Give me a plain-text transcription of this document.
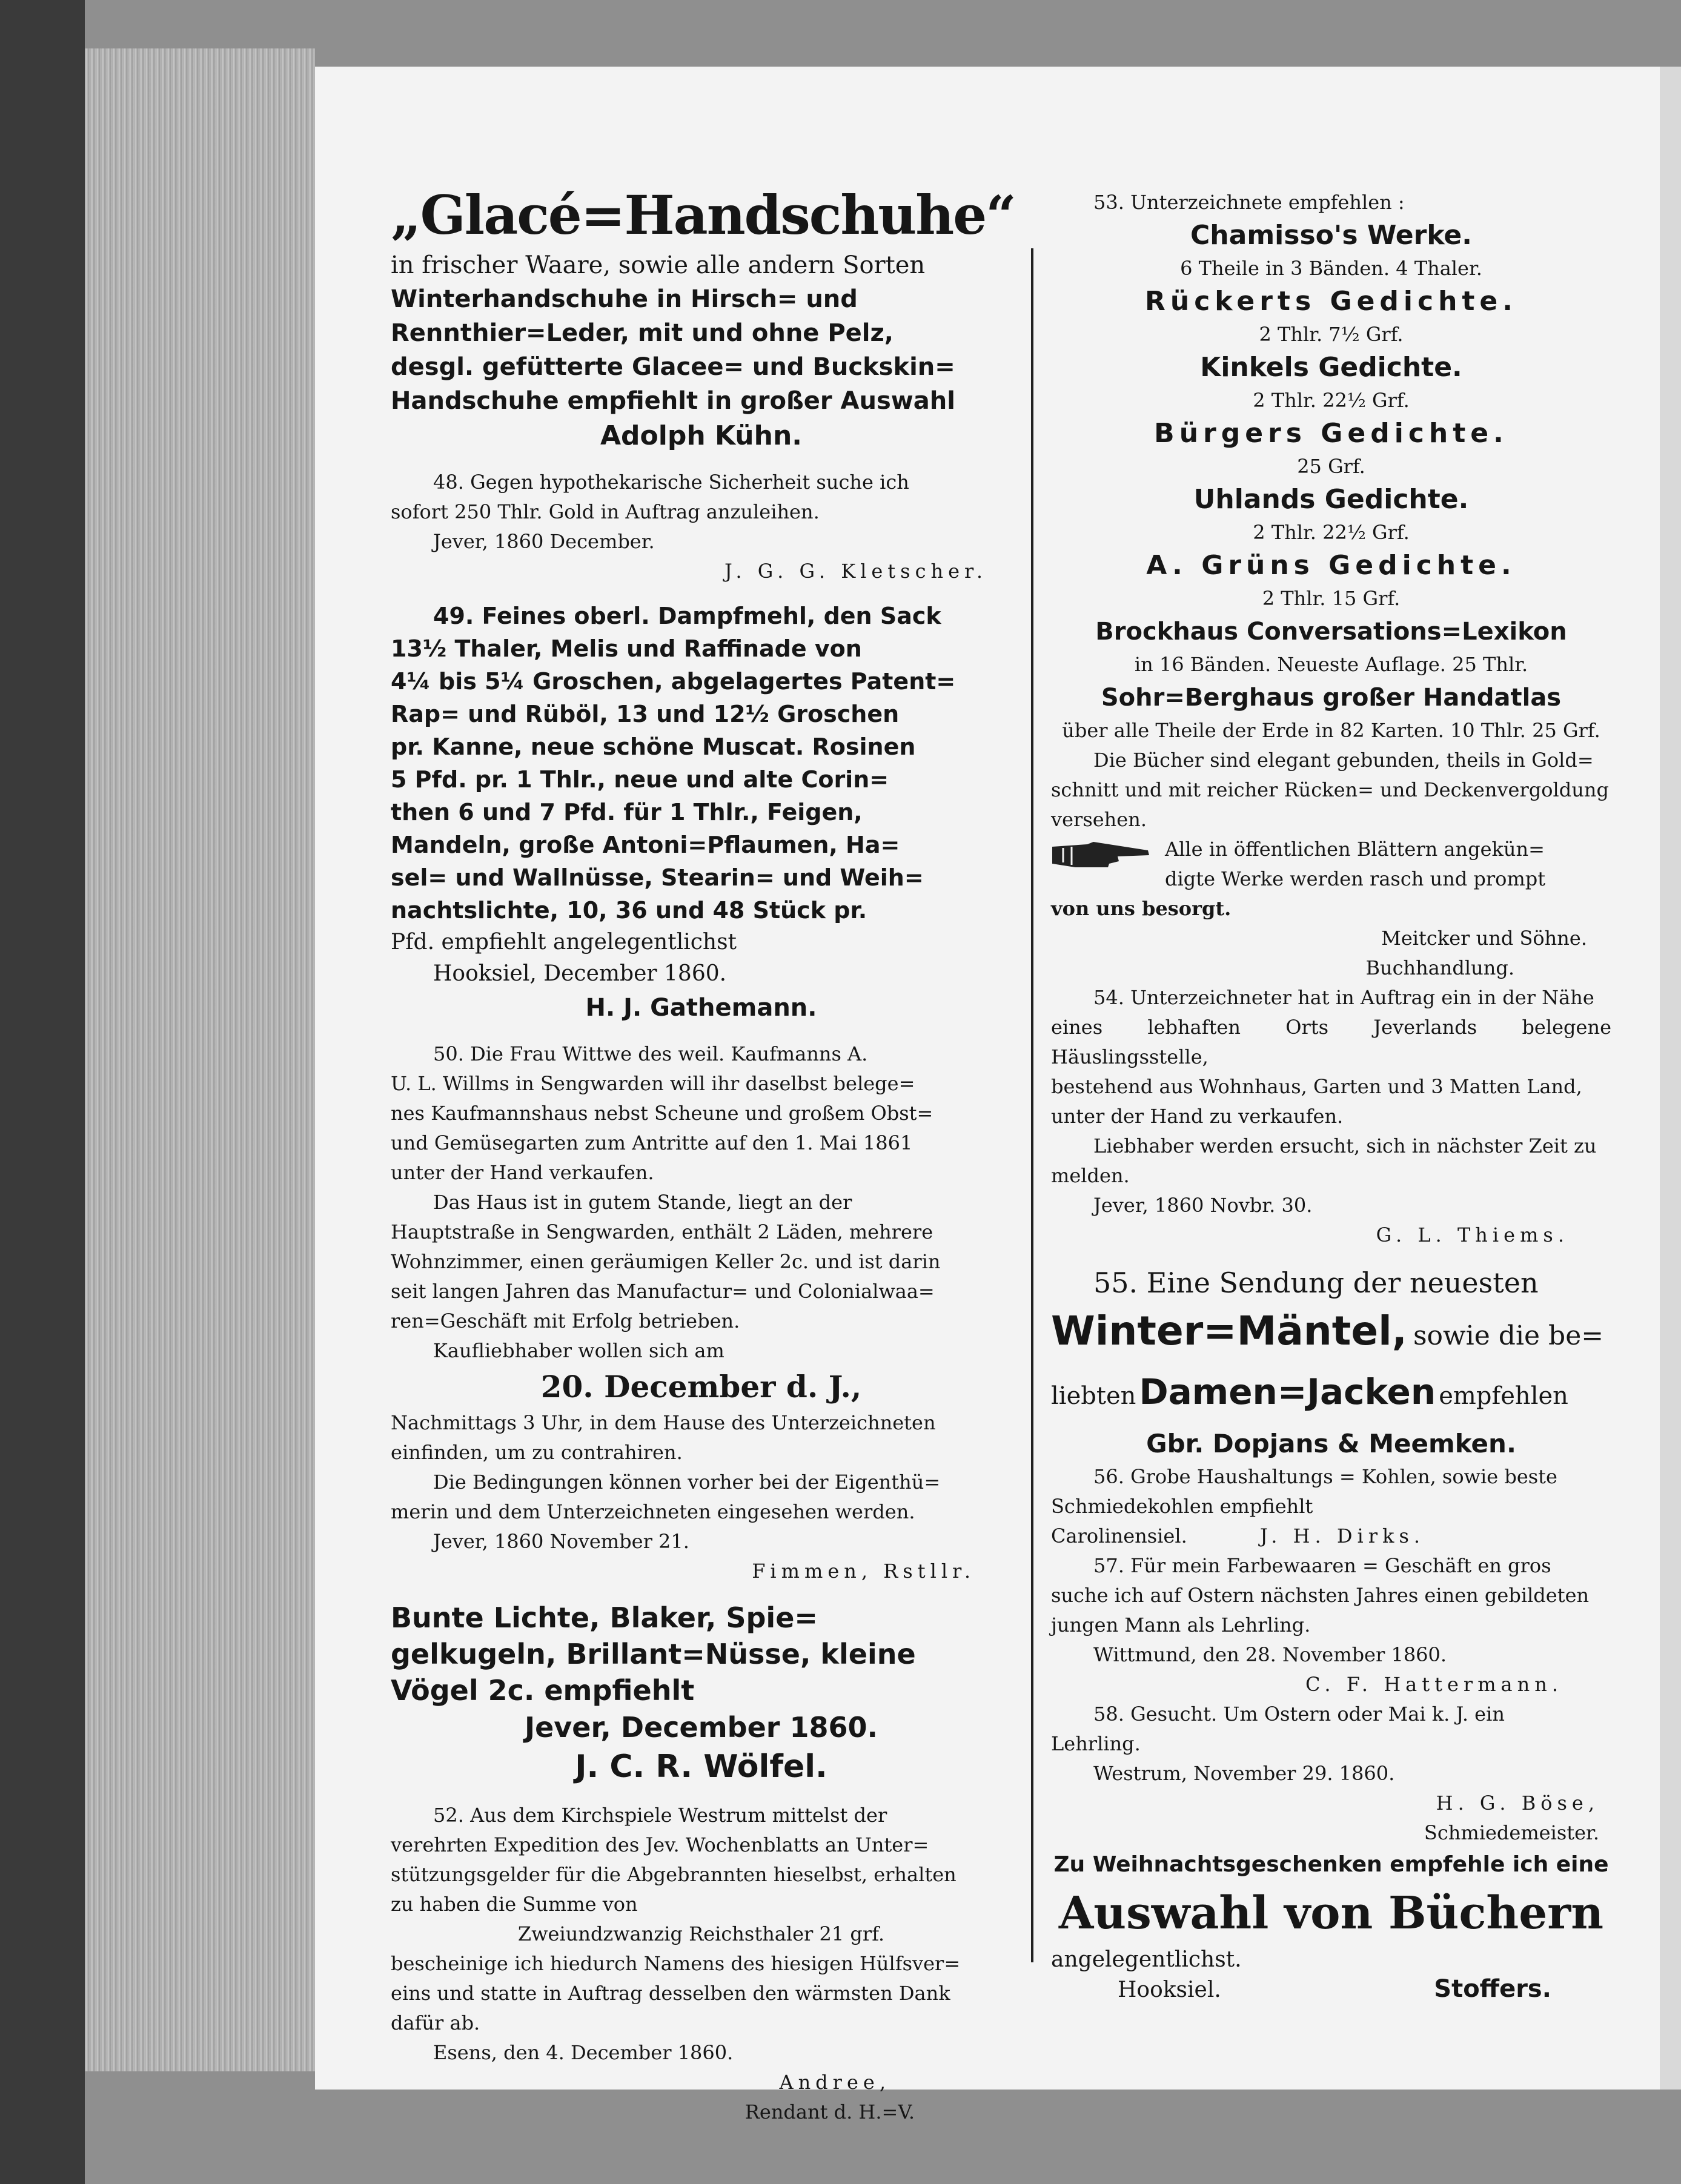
„Glacé=Handschuhe“

in frischer Waare, sowie alle andern Sorten

Winterhandschuhe in Hirsch= und

Rennthier=Leder, mit und ohne Pelz,

desgl. gefütterte Glacee= und Buckskin=

Handschuhe empfiehlt in großer Auswahl

Adolph Kühn.

48. Gegen hypothekarische Sicherheit suche ich

sofort 250 Thlr. Gold in Auftrag anzuleihen.

Jever, 1860 December.

J. G. G. Kletscher.

49. Feines oberl. Dampfmehl, den Sack

13½ Thaler, Melis und Raffinade von

4¼ bis 5¼ Groschen, abgelagertes Patent=

Rap= und Rüböl, 13 und 12½ Groschen

pr. Kanne, neue schöne Muscat. Rosinen

5 Pfd. pr. 1 Thlr., neue und alte Corin=

then 6 und 7 Pfd. für 1 Thlr., Feigen,

Mandeln, große Antoni=Pflaumen, Ha=

sel= und Wallnüsse, Stearin= und Weih=

nachtslichte, 10, 36 und 48 Stück pr.

Pfd. empfiehlt angelegentlichst

Hooksiel, December 1860.

H. J. Gathemann.

50. Die Frau Wittwe des weil. Kaufmanns A.

U. L. Willms in Sengwarden will ihr daselbst belege=

nes Kaufmannshaus nebst Scheune und großem Obst=

und Gemüsegarten zum Antritte auf den 1. Mai 1861

unter der Hand verkaufen.

Das Haus ist in gutem Stande, liegt an der

Hauptstraße in Sengwarden, enthält 2 Läden, mehrere

Wohnzimmer, einen geräumigen Keller 2c. und ist darin

seit langen Jahren das Manufactur= und Colonialwaa=

ren=Geschäft mit Erfolg betrieben.

Kaufliebhaber wollen sich am

20. December d. J.,

Nachmittags 3 Uhr, in dem Hause des Unterzeichneten

einfinden, um zu contrahiren.

Die Bedingungen können vorher bei der Eigenthü=

merin und dem Unterzeichneten eingesehen werden.

Jever, 1860 November 21.

Fimmen, Rstllr.

Bunte Lichte, Blaker, Spie=

gelkugeln, Brillant=Nüsse, kleine

Vögel 2c. empfiehlt

Jever, December 1860.

J. C. R. Wölfel.

52. Aus dem Kirchspiele Westrum mittelst der

verehrten Expedition des Jev. Wochenblatts an Unter=

stützungsgelder für die Abgebrannten hieselbst, erhalten

zu haben die Summe von

Zweiundzwanzig Reichsthaler 21 grf.

bescheinige ich hiedurch Namens des hiesigen Hülfsver=

eins und statte in Auftrag desselben den wärmsten Dank

dafür ab.

Esens, den 4. December 1860.

Andree,

Rendant d. H.=V.

53. Unterzeichnete empfehlen :

Chamisso's Werke.

6 Theile in 3 Bänden. 4 Thaler.

Rückerts Gedichte.

2 Thlr. 7½ Grf.

Kinkels Gedichte.

2 Thlr. 22½ Grf.

Bürgers Gedichte.

25 Grf.

Uhlands Gedichte.

2 Thlr. 22½ Grf.

A. Grüns Gedichte.

2 Thlr. 15 Grf.

Brockhaus Conversations=Lexikon

in 16 Bänden. Neueste Auflage. 25 Thlr.

Sohr=Berghaus großer Handatlas

über alle Theile der Erde in 82 Karten. 10 Thlr. 25 Grf.

Die Bücher sind elegant gebunden, theils in Gold=

schnitt und mit reicher Rücken= und Deckenvergoldung

versehen.

Alle in öffentlichen Blättern angekün=

digte Werke werden rasch und prompt

von uns besorgt.

Meitcker und Söhne.

Buchhandlung.

54. Unterzeichneter hat in Auftrag ein in der Nähe

eines lebhaften Orts Jeverlands belegene Häuslingsstelle,

bestehend aus Wohnhaus, Garten und 3 Matten Land,

unter der Hand zu verkaufen.

Liebhaber werden ersucht, sich in nächster Zeit zu

melden.

Jever, 1860 Novbr. 30.

G. L. Thiems.

55. Eine Sendung der neuesten

Winter=Mäntel, sowie die be=

liebten Damen=Jacken empfehlen

Gbr. Dopjans & Meemken.

56. Grobe Haushaltungs = Kohlen, sowie beste

Schmiedekohlen empfiehlt

Carolinensiel.	J. H. Dirks.

57. Für mein Farbewaaren = Geschäft en gros

suche ich auf Ostern nächsten Jahres einen gebildeten

jungen Mann als Lehrling.

Wittmund, den 28. November 1860.

C. F. Hattermann.

58. Gesucht. Um Ostern oder Mai k. J. ein

Lehrling.

Westrum, November 29. 1860.

H. G. Böse,

Schmiedemeister.

Zu Weihnachtsgeschenken empfehle ich eine

Auswahl von Büchern

angelegentlichst.

Hooksiel.	Stoffers.
